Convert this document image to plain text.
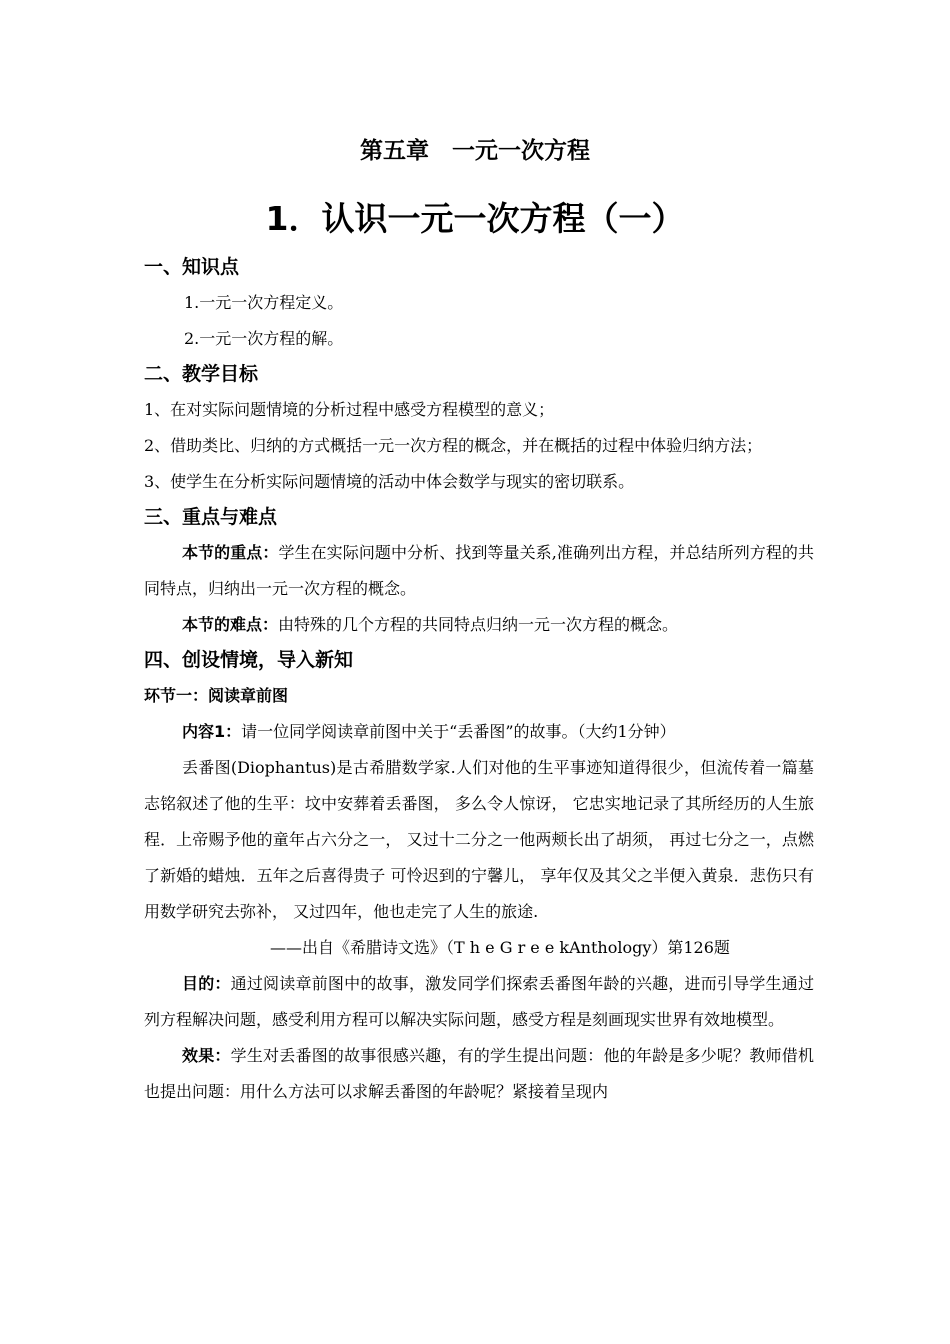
第五章　一元一次方程
1．认识一元一次方程（一）
一、知识点
1.一元一次方程定义。
2.一元一次方程的解。
二、教学目标
1、在对实际问题情境的分析过程中感受方程模型的意义；
2、借助类比、归纳的方式概括一元一次方程的概念，并在概括的过程中体验归纳方法；
3、使学生在分析实际问题情境的活动中体会数学与现实的密切联系。
三、重点与难点
本节的重点：学生在实际问题中分析、找到等量关系,准确列出方程，并总结所列方程的共同特点，归纳出一元一次方程的概念。
本节的难点：由特殊的几个方程的共同特点归纳一元一次方程的概念。
四、创设情境，导入新知
环节一：阅读章前图
内容1：请一位同学阅读章前图中关于“丢番图”的故事。（大约1分钟）
丢番图(Diophantus)是古希腊数学家.人们对他的生平事迹知道得很少，但流传着一篇墓志铭叙述了他的生平：坟中安葬着丢番图， 多么令人惊讶， 它忠实地记录了其所经历的人生旅程．上帝赐予他的童年占六分之一， 又过十二分之一他两颊长出了胡须， 再过七分之一，点燃了新婚的蜡烛．五年之后喜得贵子 可怜迟到的宁馨儿， 享年仅及其父之半便入黄泉．悲伤只有用数学研究去弥补， 又过四年，他也走完了人生的旅途.
——出自《希腊诗文选》（T h e G r e e kAnthology）第126题
目的：通过阅读章前图中的故事，激发同学们探索丢番图年龄的兴趣，进而引导学生通过列方程解决问题，感受利用方程可以解决实际问题，感受方程是刻画现实世界有效地模型。
效果：学生对丢番图的故事很感兴趣，有的学生提出问题：他的年龄是多少呢？教师借机也提出问题：用什么方法可以求解丢番图的年龄呢？紧接着呈现内
